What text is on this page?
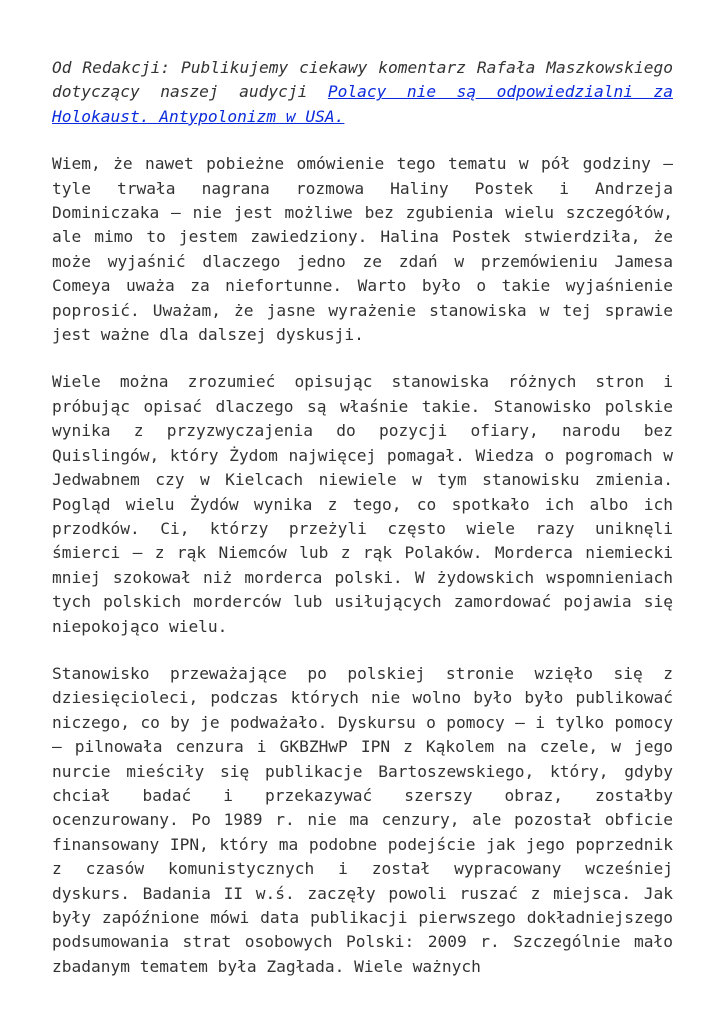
Od Redakcji: Publikujemy ciekawy komentarz Rafała Maszkowskiego dotyczący naszej audycji Polacy nie są odpowiedzialni za Holokaust. Antypolonizm w USA.

Wiem, że nawet pobieżne omówienie tego tematu w pół godziny – tyle trwała nagrana rozmowa Haliny Postek i Andrzeja Dominiczaka – nie jest możliwe bez zgubienia wielu szczegółów, ale mimo to jestem zawiedziony. Halina Postek stwierdziła, że może wyjaśnić dlaczego jedno ze zdań w przemówieniu Jamesa Comeya uważa za niefortunne. Warto było o takie wyjaśnienie poprosić. Uważam, że jasne wyrażenie stanowiska w tej sprawie jest ważne dla dalszej dyskusji.

Wiele można zrozumieć opisując stanowiska różnych stron i próbując opisać dlaczego są właśnie takie. Stanowisko polskie wynika z przyzwyczajenia do pozycji ofiary, narodu bez Quislingów, który Żydom najwięcej pomagał. Wiedza o pogromach w Jedwabnem czy w Kielcach niewiele w tym stanowisku zmienia. Pogląd wielu Żydów wynika z tego, co spotkało ich albo ich przodków. Ci, którzy przeżyli często wiele razy uniknęli śmierci – z rąk Niemców lub z rąk Polaków. Morderca niemiecki mniej szokował niż morderca polski. W żydowskich wspomnieniach tych polskich morderców lub usiłujących zamordować pojawia się niepokojąco wielu.

Stanowisko przeważające po polskiej stronie wzięło się z dziesięcioleci, podczas których nie wolno było było publikować niczego, co by je podważało. Dyskursu o pomocy – i tylko pomocy – pilnowała cenzura i GKBZHwP IPN z Kąkolem na czele, w jego nurcie mieściły się publikacje Bartoszewskiego, który, gdyby chciał badać i przekazywać szerszy obraz, zostałby ocenzurowany. Po 1989 r. nie ma cenzury, ale pozostał obficie finansowany IPN, który ma podobne podejście jak jego poprzednik z czasów komunistycznych i został wypracowany wcześniej dyskurs. Badania II w.ś. zaczęły powoli ruszać z miejsca. Jak były zapóźnione mówi data publikacji pierwszego dokładniejszego podsumowania strat osobowych Polski: 2009 r. Szczególnie mało zbadanym tematem była Zagłada. Wiele ważnych
